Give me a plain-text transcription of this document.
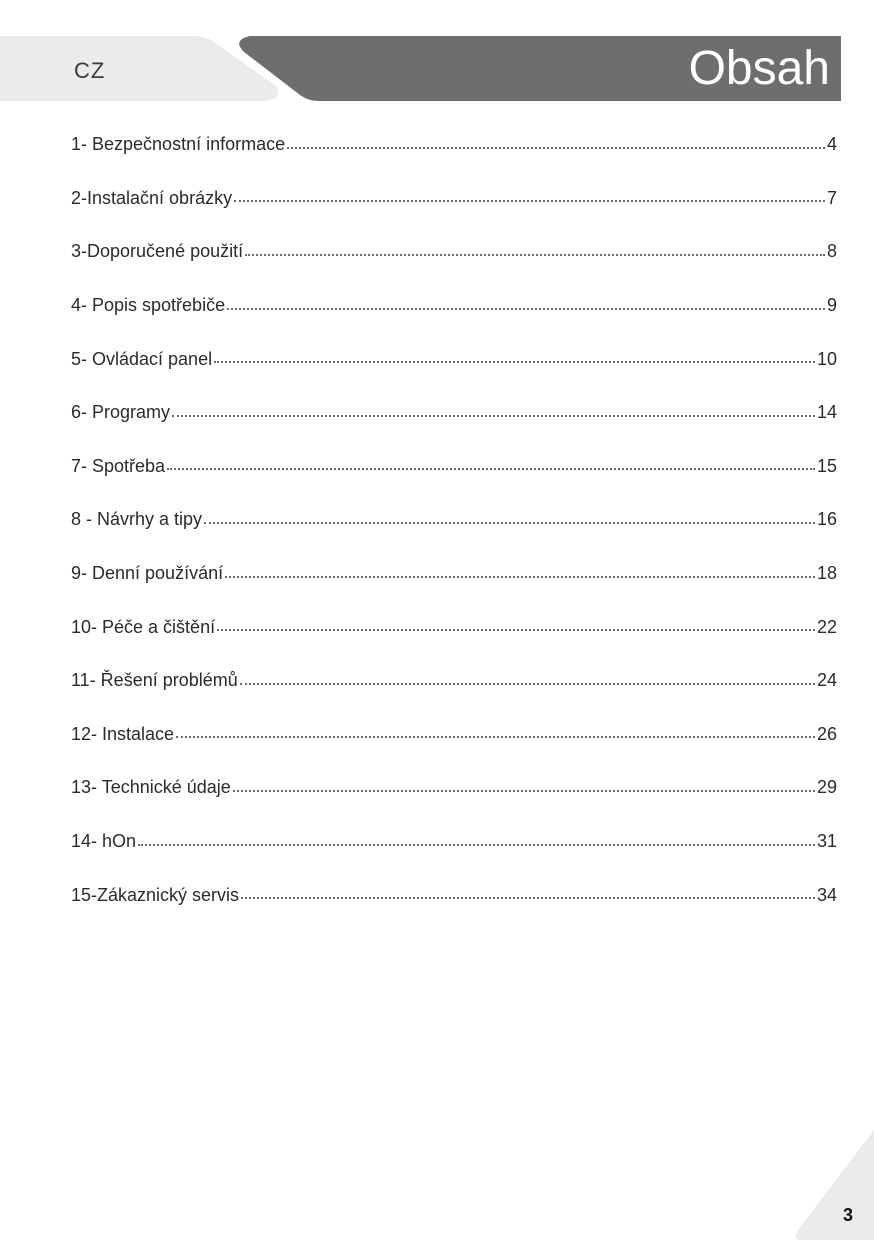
CZ	Obsah
1- Bezpečnostní informace	4
2-Instalační obrázky	7
3-Doporučené použití	8
4- Popis spotřebiče	9
5- Ovládací panel	10
6- Programy	14
7- Spotřeba	15
8 - Návrhy a tipy	16
9- Denní používání	18
10- Péče a čištění	22
11- Řešení problémů	24
12- Instalace	26
13- Technické údaje	29
14- hOn	31
15-Zákaznický servis	34
3
